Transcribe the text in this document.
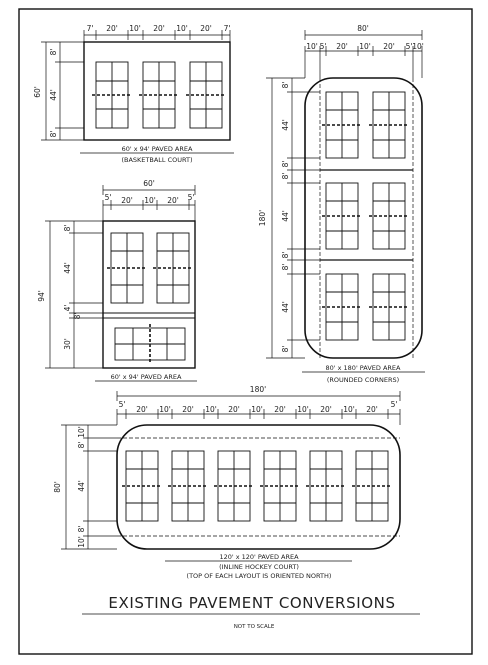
7' 20' 10' 20' 10' 20' 7'
60'
8'
44'
8'
60' x 94' PAVED AREA
(BASKETBALL COURT)
60'
5' 20' 10' 20' 5'
94'
8'
44'
4'
8'
30'
60' x 94' PAVED AREA
80'
10' 5' 20' 10' 20' 5' 10'
180'
8'
44'
8'
8'
44'
8'
8'
44'
8'
80' x 180' PAVED AREA
(ROUNDED CORNERS)
180'
5'
20' 10' 20' 10' 20' 10' 20' 10' 20' 10' 20'
5'
80'
10'
8'
44'
8'
10'
120' x 120' PAVED AREA
(INLINE HOCKEY COURT)
(TOP OF EACH LAYOUT IS ORIENTED NORTH)
EXISTING PAVEMENT CONVERSIONS
NOT TO SCALE
